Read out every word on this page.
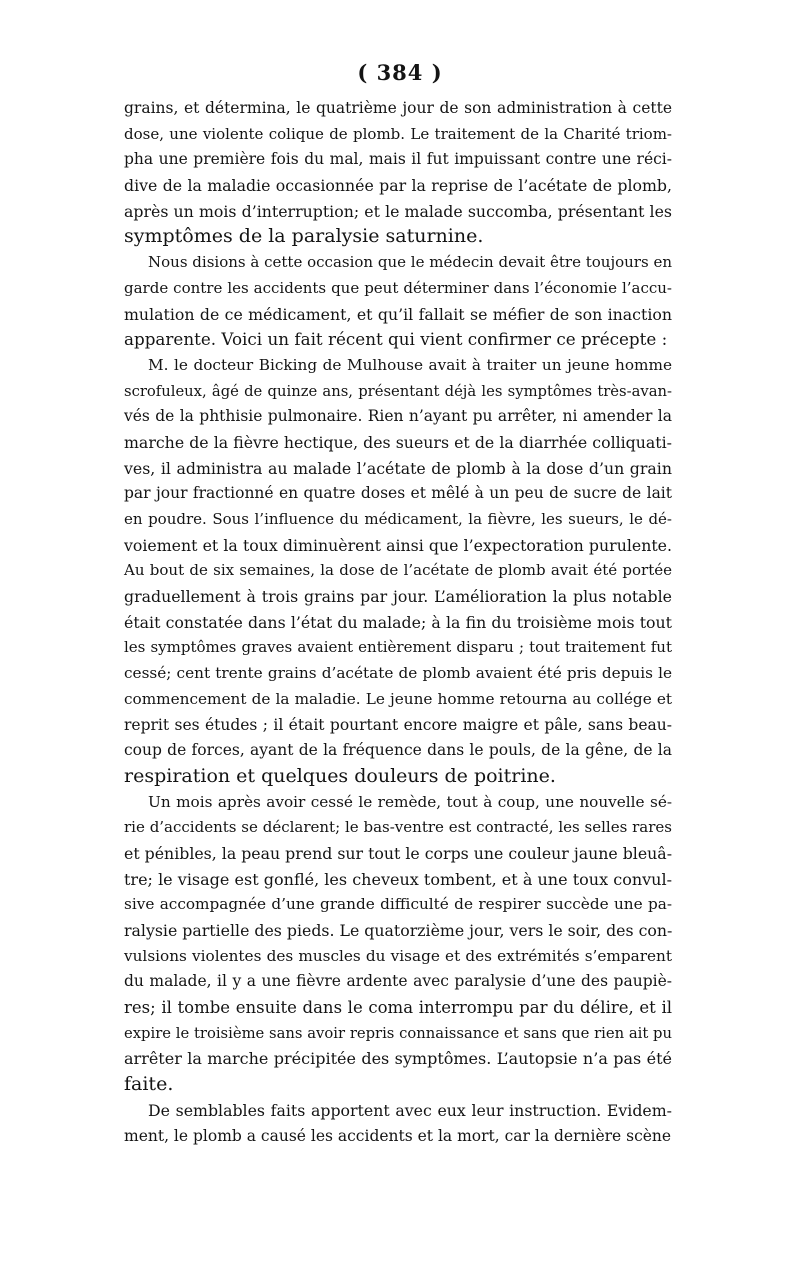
( 384 )
grains, et détermina, le quatrième jour de son administration à cette
dose, une violente colique de plomb. Le traitement de la Charité triom-
pha une première fois du mal, mais il fut impuissant contre une réci-
dive de la maladie occasionnée par la reprise de l’acétate de plomb,
après un mois d’interruption; et le malade succomba, présentant les
symptômes de la paralysie saturnine.
Nous disions à cette occasion que le médecin devait être toujours en
garde contre les accidents que peut déterminer dans l’économie l’accu-
mulation de ce médicament, et qu’il fallait se méfier de son inaction
apparente. Voici un fait récent qui vient confirmer ce précepte :
M. le docteur Bicking de Mulhouse avait à traiter un jeune homme
scrofuleux, âgé de quinze ans, présentant déjà les symptômes très-avan-
vés de la phthisie pulmonaire. Rien n’ayant pu arrêter, ni amender la
marche de la fièvre hectique, des sueurs et de la diarrhée colliquati-
ves, il administra au malade l’acétate de plomb à la dose d’un grain
par jour fractionné en quatre doses et mêlé à un peu de sucre de lait
en poudre. Sous l’influence du médicament, la fièvre, les sueurs, le dé-
voiement et la toux diminuèrent ainsi que l’expectoration purulente.
Au bout de six semaines, la dose de l’acétate de plomb avait été portée
graduellement à trois grains par jour. L’amélioration la plus notable
était constatée dans l’état du malade; à la fin du troisième mois tout
les symptômes graves avaient entièrement disparu ; tout traitement fut
cessé; cent trente grains d’acétate de plomb avaient été pris depuis le
commencement de la maladie. Le jeune homme retourna au collége et
reprit ses études ; il était pourtant encore maigre et pâle, sans beau-
coup de forces, ayant de la fréquence dans le pouls, de la gêne, de la
respiration et quelques douleurs de poitrine.
Un mois après avoir cessé le remède, tout à coup, une nouvelle sé-
rie d’accidents se déclarent; le bas-ventre est contracté, les selles rares
et pénibles, la peau prend sur tout le corps une couleur jaune bleuâ-
tre; le visage est gonflé, les cheveux tombent, et à une toux convul-
sive accompagnée d’une grande difficulté de respirer succède une pa-
ralysie partielle des pieds. Le quatorzième jour, vers le soir, des con-
vulsions violentes des muscles du visage et des extrémités s’emparent
du malade, il y a une fièvre ardente avec paralysie d’une des paupiè-
res; il tombe ensuite dans le coma interrompu par du délire, et il
expire le troisième sans avoir repris connaissance et sans que rien ait pu
arrêter la marche précipitée des symptômes. L’autopsie n’a pas été
faite.
De semblables faits apportent avec eux leur instruction. Evidem-
ment, le plomb a causé les accidents et la mort, car la dernière scène
